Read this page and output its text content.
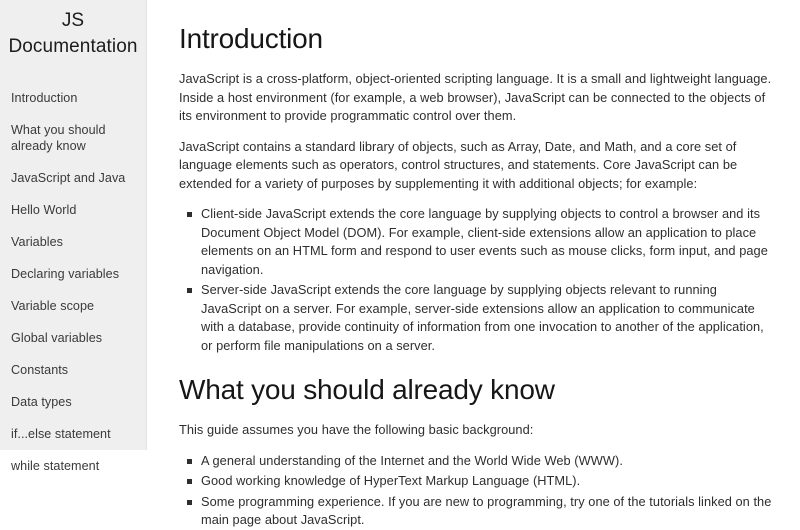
JS
Documentation
Introduction
What you should already know
JavaScript and Java
Hello World
Variables
Declaring variables
Variable scope
Global variables
Constants
Data types
if...else statement
while statement
Introduction

JavaScript is a cross-platform, object-oriented scripting language. It is a small and lightweight language. Inside a host environment (for example, a web browser), JavaScript can be connected to the objects of its environment to provide programmatic control over them.

JavaScript contains a standard library of objects, such as Array, Date, and Math, and a core set of language elements such as operators, control structures, and statements. Core JavaScript can be extended for a variety of purposes by supplementing it with additional objects; for example:

Client-side JavaScript extends the core language by supplying objects to control a browser and its Document Object Model (DOM). For example, client-side extensions allow an application to place elements on an HTML form and respond to user events such as mouse clicks, form input, and page navigation.
Server-side JavaScript extends the core language by supplying objects relevant to running JavaScript on a server. For example, server-side extensions allow an application to communicate with a database, provide continuity of information from one invocation to another of the application, or perform file manipulations on a server.
What you should already know

This guide assumes you have the following basic background:

A general understanding of the Internet and the World Wide Web (WWW).
Good working knowledge of HyperText Markup Language (HTML).
Some programming experience. If you are new to programming, try one of the tutorials linked on the main page about JavaScript.
